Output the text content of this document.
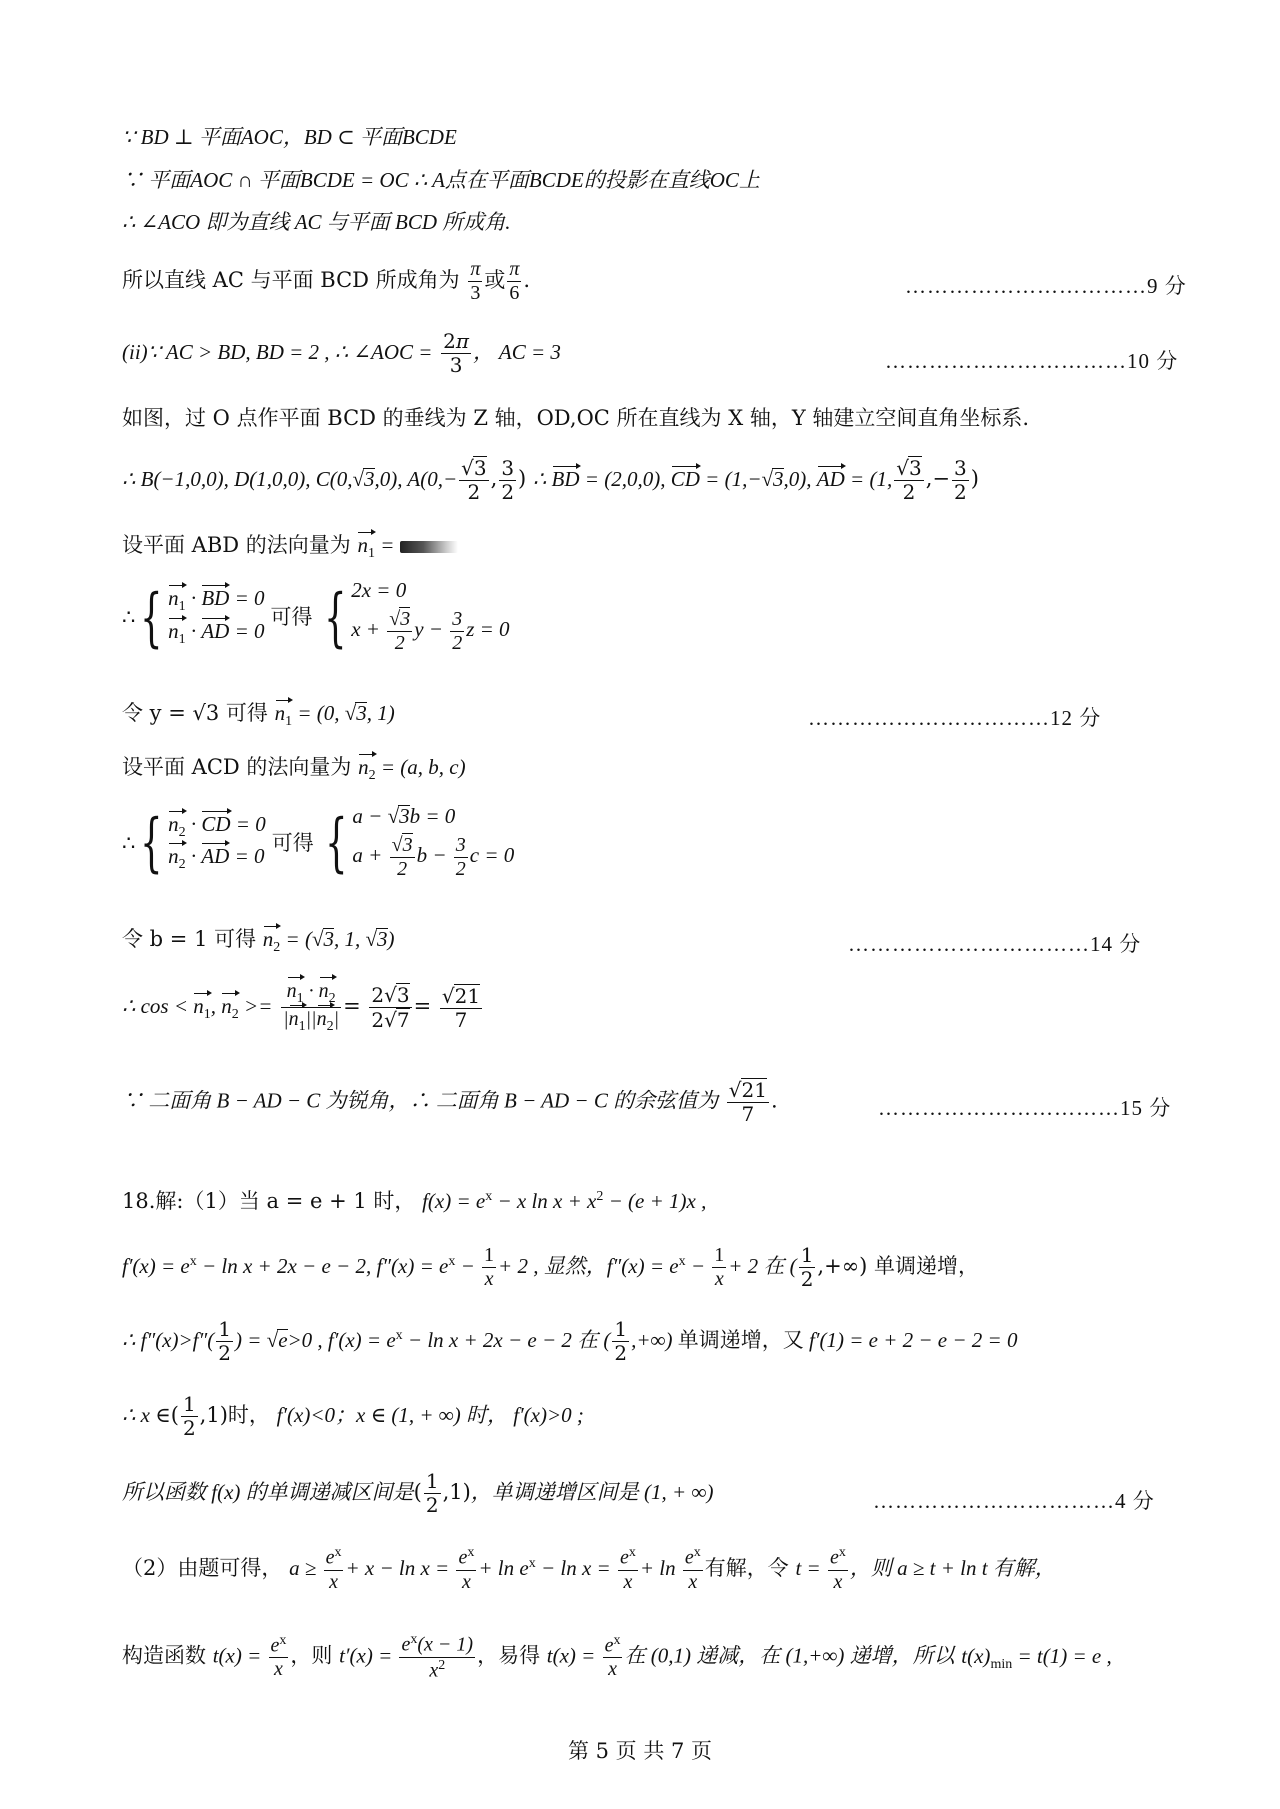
∵ BD ⊥ 平面AOC，BD ⊂ 平面BCDE
∵ 平面AOC ∩ 平面BCDE = OC ∴ A点在平面BCDE的投影在直线OC上
∴ ∠ACO 即为直线 AC 与平面 BCD 所成角.
所以直线 AC 与平面 BCD 所成角为 $\frac{\pi}{3}$ 或 $\frac{\pi}{6}$ .	……………………………9 分
(ii)∵ AC > BD, BD = 2 , ∴ ∠AOC = $\frac{2\pi}{3}$ ， AC = 3	……………………………10 分
如图，过 O 点作平面 BCD 的垂线为 Z 轴，OD,OC 所在直线为 X 轴，Y 轴建立空间直角坐标系.
∴ B(−1,0,0), D(1,0,0), C(0,√3,0), $A(0,- \frac{√3}{2}$ , $\frac{3}{2}$ ) ∴ BD = (2,0,0), CD = (1,−√3,0), AD = (1, $\frac{√3}{2}$ ,− $\frac{3}{2}$ )
设平面 ABD 的法向量为 $n_1$ =
∴ { $n_1$ · BD = 0
$n_1$ · AD = 0
可得 { 2x = 0
$x + \frac{√3}{2}$ $y - \frac{3}{2}$ z = 0
令 y = √3 可得 $n_1 = (0$, √3, 1)	……………………………12 分
设平面 ACD 的法向量为 $n_2 = (a$, b, c)
∴ { $n_2$ · CD = 0
$n_2$ · AD = 0
可得 { a − √3b = 0
$a + \frac{√3}{2}$ $b - \frac{3}{2}$ c = 0
令 b = 1 可得 $n_2 = (√3$, 1, √3)	……………………………14 分
∴ $\cos < n_1$, $n_2 >= \frac{n_1 \cdot n_2}{|n_1||n_2|} = \frac{2√3}{2√7} = \frac{√21}{7}$
∵ 二面角 B − AD − C 为锐角，∴ 二面角 B − AD − C 的余弦值为 $\frac{√21}{7}$ .	……………………………15 分
18.解:（1）当 a = e + 1 时， $f(x) = e^x - x$ $\ln x + x^2 - (e + 1)x$ ,
$f'(x) = e^x - \ln x + 2x - e - 2$, $f''(x) = e^x - \frac{1}{x} + 2$ , 显然，$f''(x) = e^x - \frac{1}{x} + 2$ 在 ( $\frac{1}{2}$ ,+∞) 单调递增，
∴ $f''(x)>f''( \frac{1}{2}$ ) = √e>0 , $f'(x) = e^x - \ln x + 2x - e - 2$ 在 ( $\frac{1}{2}$ ,+∞) 单调递增，又 f′(1) = e + 2 − e − 2 = 0
∴ x ∈( $\frac{1}{2} ,1$)时， f′(x)<0；x ∈ (1, + ∞) 时， f′(x)>0 ;
所以函数 f(x) 的单调递减区间是( $\frac{1}{2} ,1$)，单调递增区间是 (1, + ∞)	……………………………4 分
（2）由题可得， $a \ge \frac{e^x}{x} + x - \ln x = \frac{e^x}{x} + \ln e^x - \ln x = \frac{e^x}{x} + \ln \frac{e^x}{x}$ 有解，令 $t = \frac{e^x}{x}$ ，则 a ≥ t + ln t 有解，
构造函数 $t(x) = \frac{e^x}{x}$ ，则 $t'(x) = \frac{e^x(x - 1)}{x^2}$ ，易得 $t(x) = \frac{e^x}{x}$ 在 (0,1) 递减，在 (1,+∞) 递增，所以 $t(x)_{min} = t(1) = e$ ,
第 5 页 共 7 页
